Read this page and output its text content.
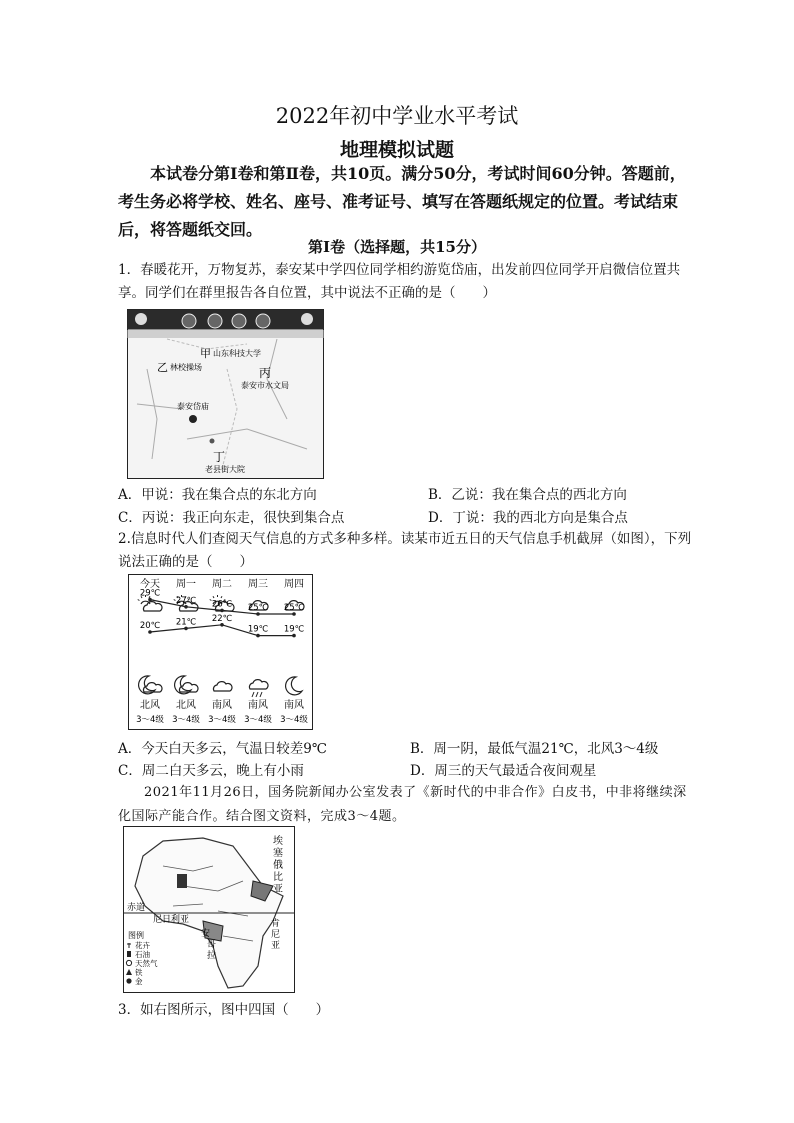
2022年初中学业水平考试
地理模拟试题
本试卷分第Ⅰ卷和第Ⅱ卷，共10页。满分50分，考试时间60分钟。答题前，考生务必将学校、姓名、座号、准考证号、填写在答题纸规定的位置。考试结束后，将答题纸交回。
第Ⅰ卷（选择题，共15分）
1．春暖花开，万物复苏，泰安某中学四位同学相约游览岱庙，出发前四位同学开启微信位置共享。同学们在群里报告各自位置，其中说法不正确的是（　　）
甲 山东科技大学
乙 林校操场	丙
泰安市水文局
泰安岱庙
丁
老县街大院
A．甲说：我在集合点的东北方向	B．乙说：我在集合点的西北方向
C．丙说：我正向东走，很快到集合点	D．丁说：我的西北方向是集合点
2.信息时代人们查阅天气信息的方式多种多样。读某市近五日的天气信息手机截屏（如图），下列说法正确的是（　　）
今天 周一 周二 周三 周四
29℃
27℃ 26℃ 25℃ 25℃
20℃ 21℃ 22℃
19℃ 19℃
北风
3～4级
北风
3～4级
南风
3～4级
南风
3～4级
南风
3～4级
A．今天白天多云，气温日较差9℃	B．周一阴，最低气温21℃，北风3～4级
C．周二白天多云，晚上有小雨	D．周三的天气最适合夜间观星
2021年11月26日，国务院新闻办公室发表了《新时代的中非合作》白皮书，中非将继续深化国际产能合作。结合图文资料，完成3～4题。
埃
塞
俄
比
亚
赤道
尼日利亚	肯
尼
亚
安
哥
拉
图例
花卉
石油
天然气
铁
金
3．如右图所示，图中四国（　　）
